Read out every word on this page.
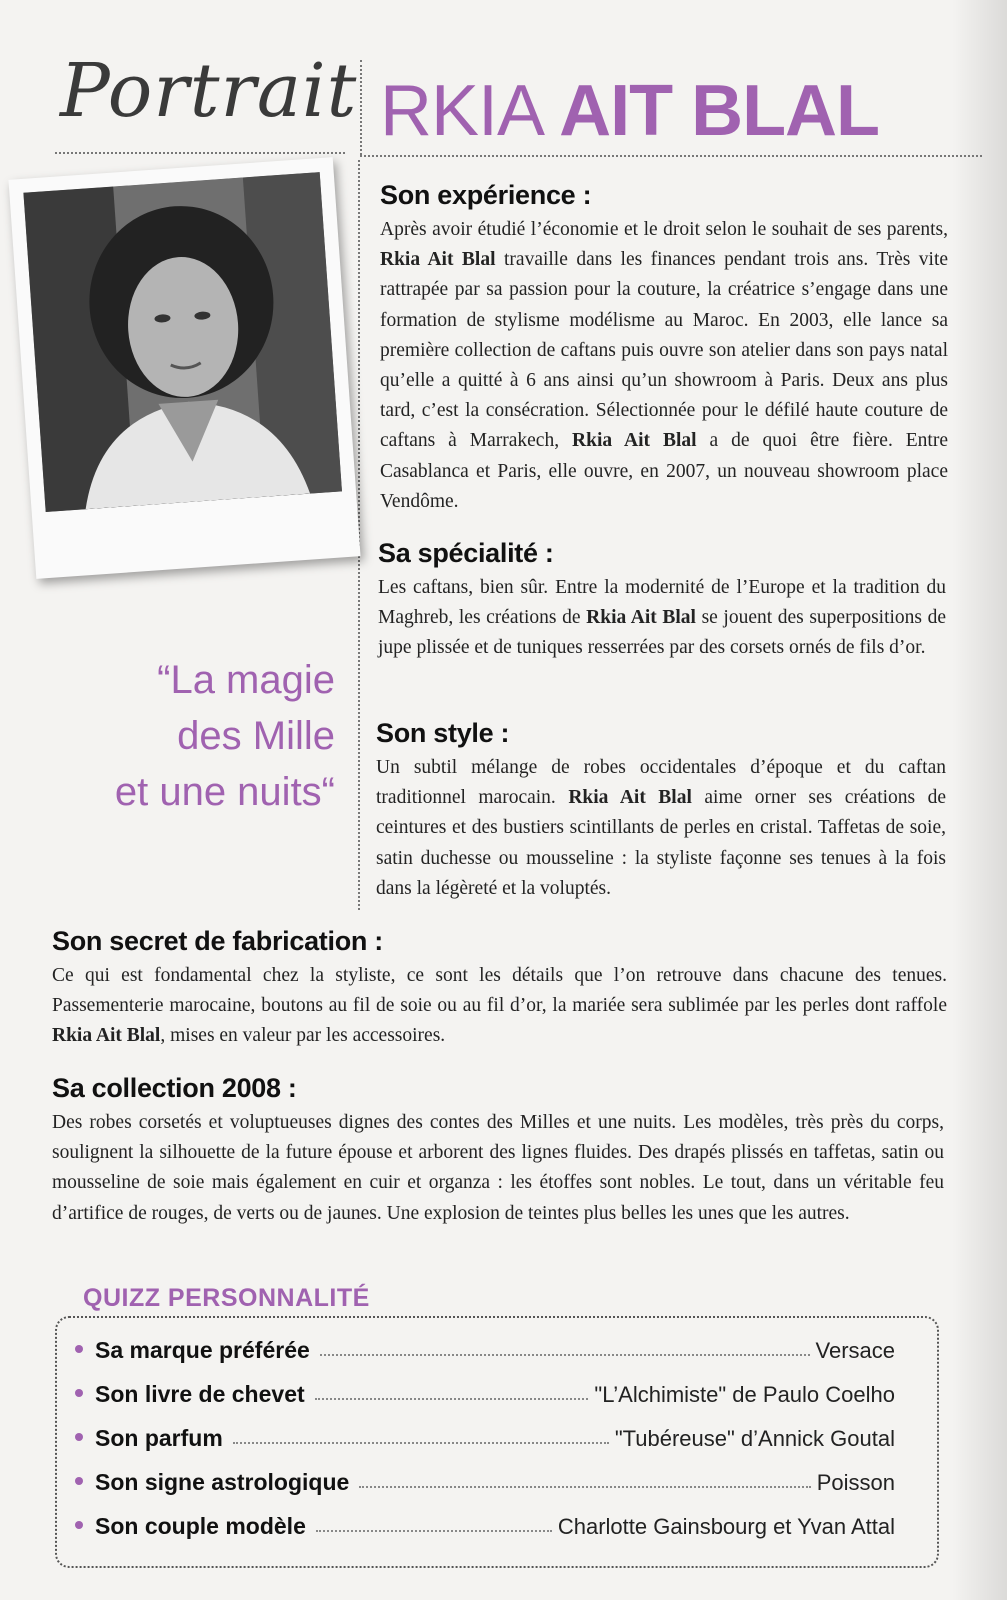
Portrait RKIA AIT BLAL
“La magie
des Mille
et une nuits“
Son expérience :

Après avoir étudié l’économie et le droit selon le souhait de ses parents, Rkia Ait Blal travaille dans les finances pendant trois ans. Très vite rattrapée par sa passion pour la couture, la créatrice s’engage dans une formation de stylisme modélisme au Maroc. En 2003, elle lance sa première collection de caftans puis ouvre son atelier dans son pays natal qu’elle a quitté à 6 ans ainsi qu’un showroom à Paris. Deux ans plus tard, c’est la consécration. Sélectionnée pour le défilé haute couture de caftans à Marrakech, Rkia Ait Blal a de quoi être fière. Entre Casablanca et Paris, elle ouvre, en 2007, un nouveau showroom place Vendôme.

Sa spécialité :

Les caftans, bien sûr. Entre la modernité de l’Europe et la tradition du Maghreb, les créations de Rkia Ait Blal se jouent des superpositions de jupe plissée et de tuniques resserrées par des corsets ornés de fils d’or.

Son style :

Un subtil mélange de robes occidentales d’époque et du caftan traditionnel marocain. Rkia Ait Blal aime orner ses créations de ceintures et des bustiers scintillants de perles en cristal. Taffetas de soie, satin duchesse ou mousseline : la styliste façonne ses tenues à la fois dans la légèreté et la voluptés.

Son secret de fabrication :

Ce qui est fondamental chez la styliste, ce sont les détails que l’on retrouve dans chacune des tenues. Passementerie marocaine, boutons au fil de soie ou au fil d’or, la mariée sera sublimée par les perles dont raffole Rkia Ait Blal, mises en valeur par les accessoires.

Sa collection 2008 :

Des robes corsetés et voluptueuses dignes des contes des Milles et une nuits. Les modèles, très près du corps, soulignent la silhouette de la future épouse et arborent des lignes fluides. Des drapés plissés en taffetas, satin ou mousseline de soie mais également en cuir et organza : les étoffes sont nobles. Le tout, dans un véritable feu d’artifice de rouges, de verts ou de jaunes. Une explosion de teintes plus belles les unes que les autres.

QUIZZ PERSONNALITÉ
Sa marque préférée	Versace
Son livre de chevet	"L’Alchimiste" de Paulo Coelho
Son parfum	"Tubéreuse" d’Annick Goutal
Son signe astrologique	Poisson
Son couple modèle	Charlotte Gainsbourg et Yvan Attal
